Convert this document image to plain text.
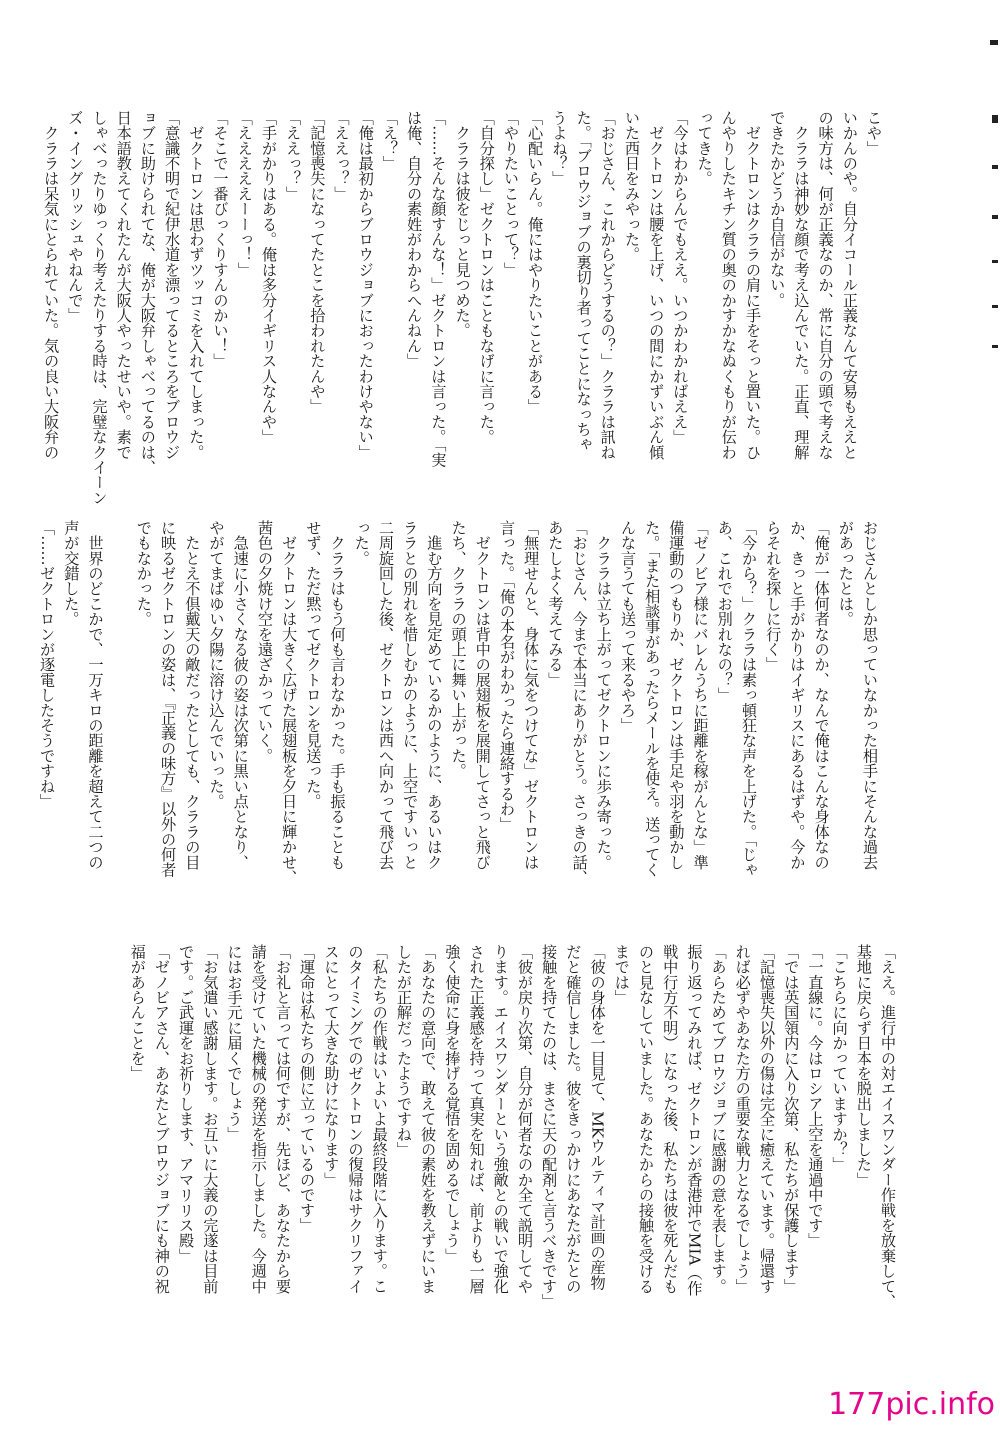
こや」
いかんのや。自分イコール正義なんて安易もええと
の味方は、何が正義なのか、常に自分の頭で考えな
　クララは神妙な顔で考え込んでいた。正直、理解
できたかどうか自信がない。
　ゼクトロンはクララの肩に手をそっと置いた。ひ
んやりしたキチン質の奥のかすかなぬくもりが伝わ
ってきた。
「今はわからんでもええ。いつかわかればええ」
　ゼクトロンは腰を上げ、いつの間にかずいぶん傾
いた西日をみやった。
「おじさん、これからどうするの？」クララは訊ね
た。「ブロウジョブの裏切り者ってことになっちゃ
うよね？」
「心配いらん。俺にはやりたいことがある」
「やりたいことって？」
「自分探し」ゼクトロンはこともなげに言った。
　クララは彼をじっと見つめた。
「……そんな顔すんな！」ゼクトロンは言った。「実
は俺、自分の素姓がわからへんねん」
「え？」
「俺は最初からブロウジョブにおったわけやない」
「ええっ？」
「記憶喪失になってたとこを拾われたんや」
「ええっ？」
「手がかりはある。俺は多分イギリス人なんや」
「えええええーーっ！」
「そこで一番びっくりすんのかい！」
　ゼクトロンは思わずツッコミを入れてしまった。
「意識不明で紀伊水道を漂ってるところをブロウジ
ョブに助けられてな、俺が大阪弁しゃべってるのは、
日本語教えてくれたんが大阪人やったせいや。素で
しゃべったりゆっくり考えたりする時は、完璧なクイーン
ズ・イングリッシュやねんで」
　クララは呆気にとられていた。気の良い大阪弁の
おじさんとしか思っていなかった相手にそんな過去
があったとは。
「俺が一体何者なのか、なんで俺はこんな身体なの
か、きっと手がかりはイギリスにあるはずや。今か
らそれを探しに行く」
「今から？」クララは素っ頓狂な声を上げた。「じゃ
あ、これでお別れなの？」
「ゼノビア様にバレんうちに距離を稼がんとな」準
備運動のつもりか、ゼクトロンは手足や羽を動かし
た。「また相談事があったらメールを使え。送ってく
んな言うても送って来るやろ」
　クララは立ち上がってゼクトロンに歩み寄った。
「おじさん、今まで本当にありがとう。さっきの話、
あたしよく考えてみる」
「無理せんと、身体に気をつけてな」ゼクトロンは
言った。「俺の本名がわかったら連絡するわ」
　ゼクトロンは背中の展翅板を展開してさっと飛び
たち、クララの頭上に舞い上がった。
　進む方向を見定めているかのように、あるいはク
ララとの別れを惜しむかのように、上空ですいっと
二周旋回した後、ゼクトロンは西へ向かって飛び去
った。
　クララはもう何も言わなかった。手も振ることも
せず、ただ黙ってゼクトロンを見送った。
　ゼクトロンは大きく広げた展翅板を夕日に輝かせ、
茜色の夕焼け空を遠ざかっていく。
　急速に小さくなる彼の姿は次第に黒い点となり、
やがてまばゆい夕陽に溶け込んでいった。
　たとえ不倶戴天の敵だったとしても、クララの目
に映るゼクトロンの姿は、『正義の味方』以外の何者
でもなかった。

　世界のどこかで、一万キロの距離を超えて二つの
声が交錯した。
「……ゼクトロンが逐電したそうですね」
「ええ。進行中の対エイスワンダー作戦を放棄して、
基地に戻らず日本を脱出しました」
「こちらに向かっていますか？」
「一直線に。今はロシア上空を通過中です」
「では英国領内に入り次第、私たちが保護します」
「記憶喪失以外の傷は完全に癒えています。帰還す
れば必ずやあなた方の重要な戦力となるでしょう」
「あらためてブロウジョブに感謝の意を表します。
振り返ってみれば、ゼクトロンが香港沖でMIA（作
戦中行方不明）になった後、私たちは彼を死んだも
のと見なしていました。あなたからの接触を受ける
までは」
「彼の身体を一目見て、MKウルティマ計画の産物
だと確信しました。彼をきっかけにあなたがたとの
接触を持てたのは、まさに天の配剤と言うべきです」
「彼が戻り次第、自分が何者なのか全て説明してや
ります。エイスワンダーという強敵との戦いで強化
された正義感を持って真実を知れば、前よりも一層
強く使命に身を捧げる覚悟を固めるでしょう」
「あなたの意向で、敢えて彼の素姓を教えずにいま
したが正解だったようですね」
「私たちの作戦はいよいよ最終段階に入ります。こ
のタイミングでのゼクトロンの復帰はサクリファイ
スにとって大きな助けになります」
「運命は私たちの側に立っているのです」
「お礼と言っては何ですが、先ほど、あなたから要
請を受けていた機械の発送を指示しました。今週中
にはお手元に届くでしょう」
「お気遣い感謝します。お互いに大義の完遂は目前
です。ご武運をお祈りします、アマリリス殿」
「ゼノビアさん、あなたとブロウジョブにも神の祝
福があらんことを」
177pic.info
